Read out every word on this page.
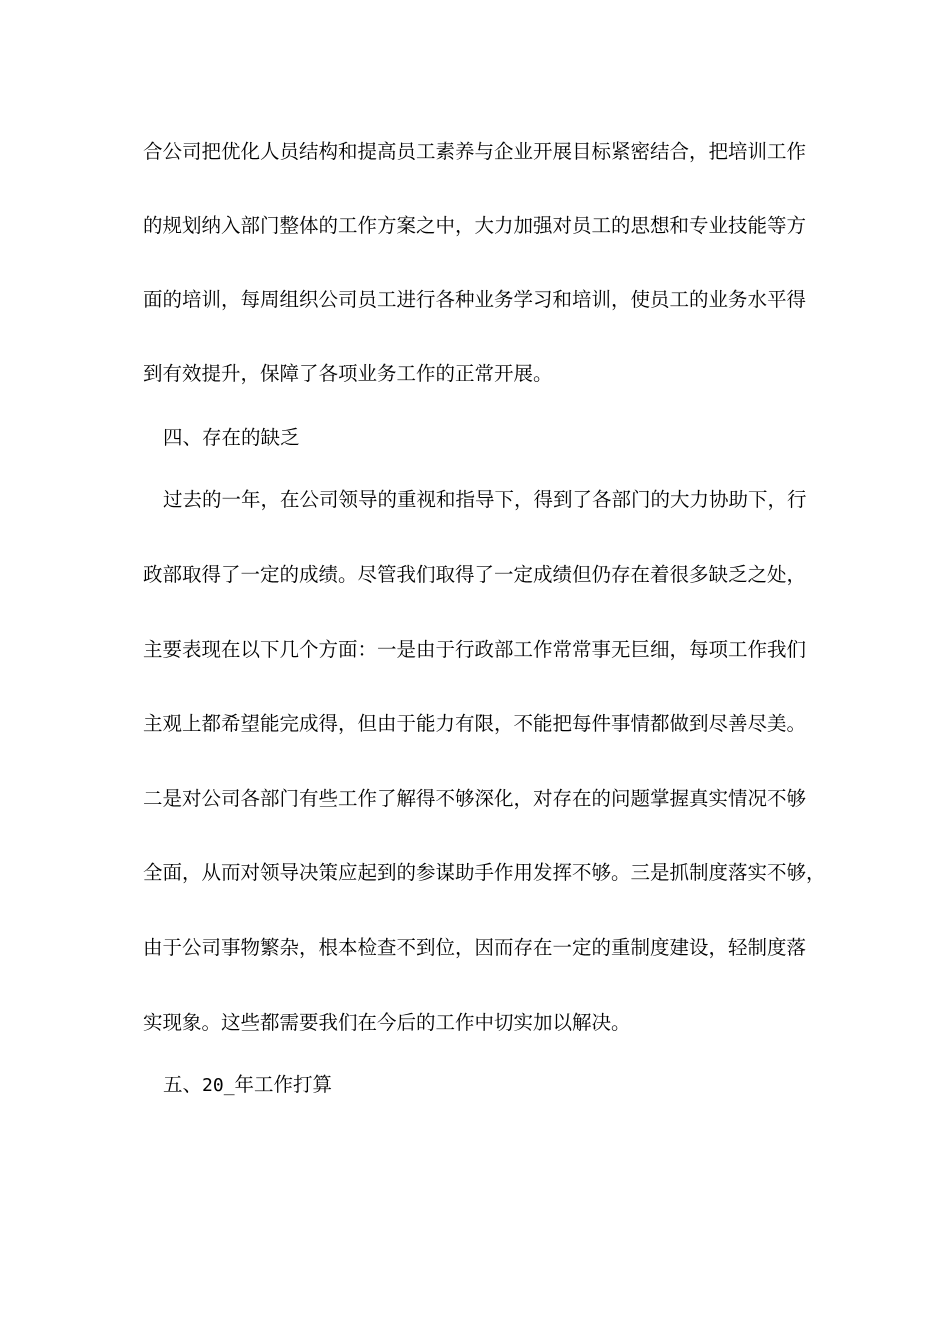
合公司把优化人员结构和提高员工素养与企业开展目标紧密结合，把培训工作
的规划纳入部门整体的工作方案之中，大力加强对员工的思想和专业技能等方
面的培训，每周组织公司员工进行各种业务学习和培训，使员工的业务水平得
到有效提升，保障了各项业务工作的正常开展。
四、存在的缺乏
过去的一年，在公司领导的重视和指导下，得到了各部门的大力协助下，行
政部取得了一定的成绩。尽管我们取得了一定成绩但仍存在着很多缺乏之处，
主要表现在以下几个方面：一是由于行政部工作常常事无巨细，每项工作我们
主观上都希望能完成得，但由于能力有限，不能把每件事情都做到尽善尽美。
二是对公司各部门有些工作了解得不够深化，对存在的问题掌握真实情况不够
全面，从而对领导决策应起到的参谋助手作用发挥不够。三是抓制度落实不够，
由于公司事物繁杂，根本检查不到位，因而存在一定的重制度建设，轻制度落
实现象。这些都需要我们在今后的工作中切实加以解决。
五、20_年工作打算
